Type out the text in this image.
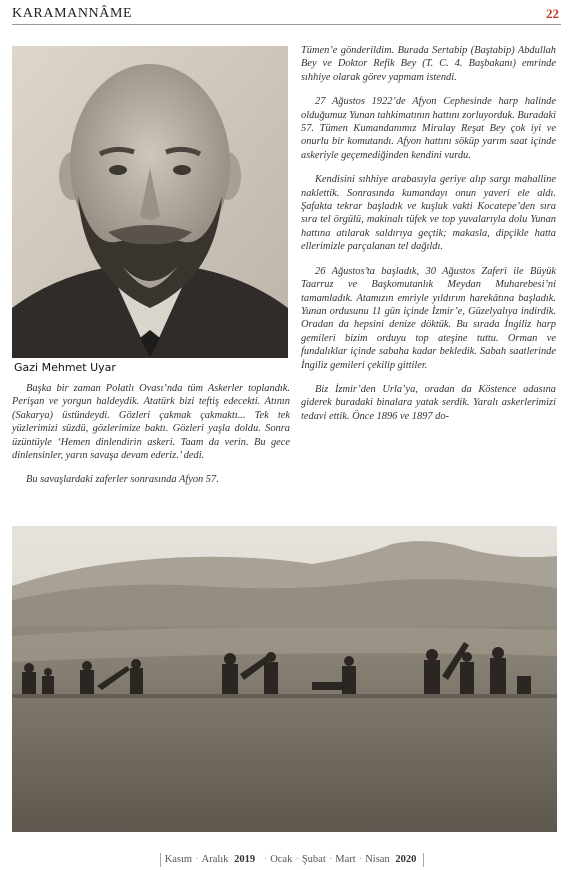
KARAMANNÂME	22
Gazi Mehmet Uyar

Başka bir zaman Polatlı Ovası’nda tüm Askerler toplandık. Perişan ve yorgun haldeydik. Atatürk bizi teftiş edecekti. Atının (Sakarya) üstündeydi. Gözleri çakmak çakmaktı... Tek tek yüzlerimizi süzdü, gözlerimize baktı. Gözleri yaşla doldu. Sonra üzüntüyle ‘Hemen dinlendirin askeri. Taam da verin. Bu gece dinlensinler, yarın savaşa devam ederiz.’ dedi.

Bu savaşlardaki zaferler sonrasında Afyon 57.

Tümen’e gönderildim. Burada Sertabip (Baştabip) Abdullah Bey ve Doktor Refik Bey (T. C. 4. Başbakanı) emrinde sıhhiye olarak görev yapmam istendi.

27 Ağustos 1922’de Afyon Cephesinde harp halinde olduğumuz Yunan tahkimatının hattını zorluyorduk. Buradaki 57. Tümen Kumandanımız Miralay Reşat Bey çok iyi ve onurlu bir komutandı. Afyon hattını söküp yarım saat içinde askeriyle geçemediğinden kendini vurdu.

Kendisini sıhhiye arabasıyla geriye alıp sargı mahalline naklettik. Sonrasında kumandayı onun yaveri ele aldı. Şafakta tekrar başladık ve kuşluk vakti Kocatepe’den sıra sıra tel örgülü, makinalı tüfek ve top yuvalarıyla dolu Yunan hattına atılarak saldırıya geçtik; makasla, dipçikle hatta ellerimizle parçalanan tel dağıldı.

26 Ağustos’ta başladık, 30 Ağustos Zaferi ile Büyük Taarruz ve Başkomutanlık Meydan Muharebesi’ni tamamladık. Atamızın emriyle yıldırım harekâtına başladık. Yunan ordusunu 11 gün içinde İzmir’e, Güzelyalıya indirdik. Oradan da hepsini denize döktük. Bu sırada İngiliz harp gemileri bizim orduyu top ateşine tuttu. Orman ve fundalıklar içinde sabaha kadar bekledik. Sabah saatlerinde İngiliz gemileri çekilip gittiler.

Biz İzmir’den Urla’ya, oradan da Köstence adasına giderek buradaki binalara yatak serdik. Yaralı askerlerimizi tedavi ettik. Önce 1896 ve 1897 do-

Kasım · Aralık 2019 · Ocak · Şubat · Mart · Nisan 2020
